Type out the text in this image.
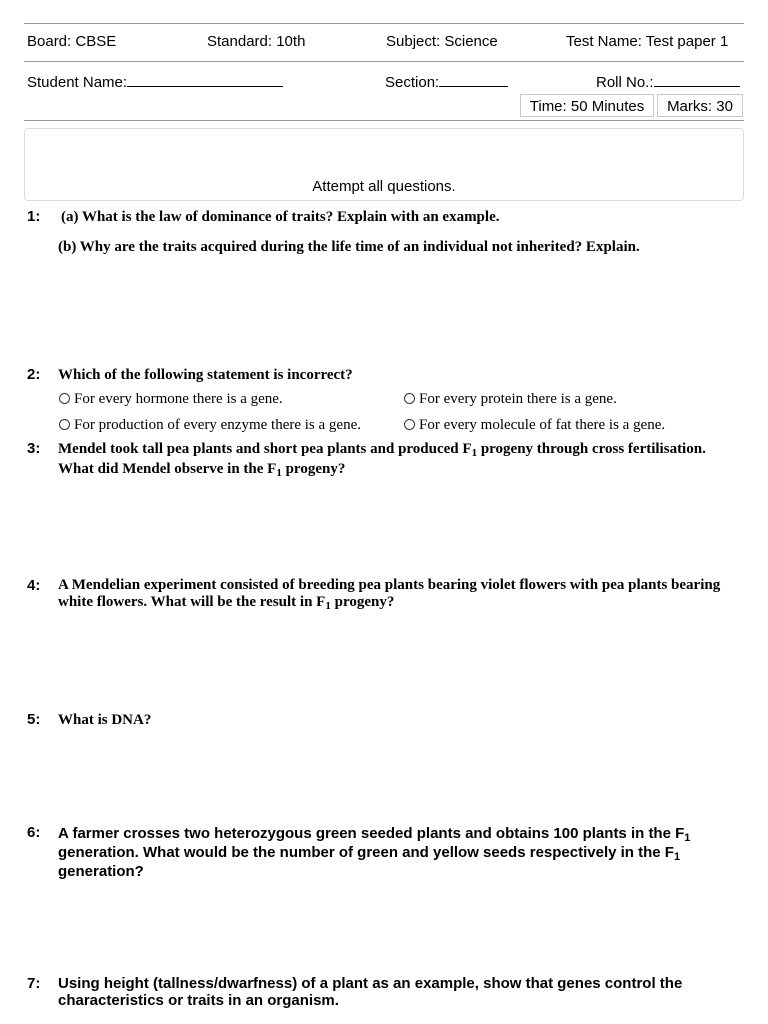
Board: CBSE	Standard: 10th	Subject: Science	Test Name: Test paper 1
Student Name:	Section:	Roll No.:
Time: 50 Minutes	Marks: 30
Attempt all questions.
1: (a) What is the law of dominance of traits? Explain with an example.
(b) Why are the traits acquired during the life time of an individual not inherited? Explain.
2: Which of the following statement is incorrect?
For every hormone there is a gene.	For every protein there is a gene.
For production of every enzyme there is a gene.	For every molecule of fat there is a gene.
3: Mendel took tall pea plants and short pea plants and produced $F_1$ progeny through cross fertilisation.
What did Mendel observe in the $F_1$ progeny?
4: A Mendelian experiment consisted of breeding pea plants bearing violet flowers with pea plants bearing
white flowers. What will be the result in $F_1$ progeny?
5: What is DNA?
6: A farmer crosses two heterozygous green seeded plants and obtains 100 plants in the $F_1$
generation. What would be the number of green and yellow seeds respectively in the $F_1$
generation?
7: Using height (tallness/dwarfness) of a plant as an example, show that genes control the
characteristics or traits in an organism.
